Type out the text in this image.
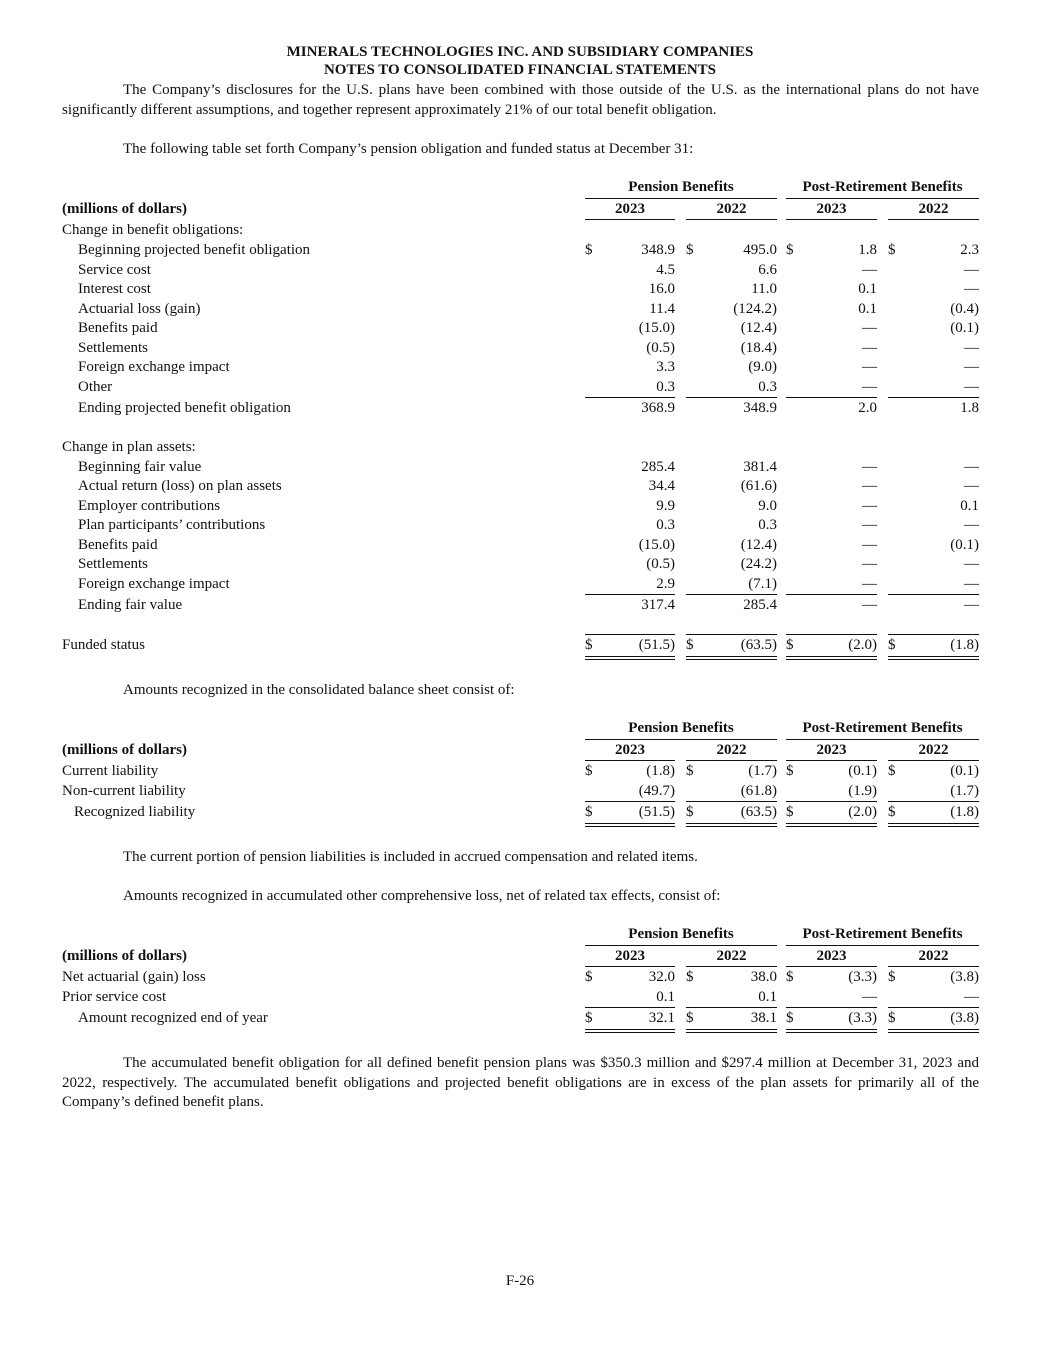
MINERALS TECHNOLOGIES INC. AND SUBSIDIARY COMPANIES
NOTES TO CONSOLIDATED FINANCIAL STATEMENTS
The Company’s disclosures for the U.S. plans have been combined with those outside of the U.S. as the international plans do not have significantly different assumptions, and together represent approximately 21% of our total benefit obligation.
The following table set forth Company’s pension obligation and funded status at December 31:
Pension Benefits	Post-Retirement Benefits
(millions of dollars)	2023	2022	2023	2022
Change in benefit obligations:
Beginning projected benefit obligation	$	348.9 $	495.0 $	1.8 $	2.3
Service cost	4.5	6.6	—	—
Interest cost	16.0	11.0	0.1	—
Actuarial loss (gain)	11.4	(124.2)	0.1	(0.4)
Benefits paid	(15.0)	(12.4)	—	(0.1)
Settlements	(0.5)	(18.4)	—	—
Foreign exchange impact	3.3	(9.0)	—	—
Other	0.3	0.3	—	—
Ending projected benefit obligation	368.9	348.9	2.0	1.8
Change in plan assets:
Beginning fair value	285.4	381.4	—	—
Actual return (loss) on plan assets	34.4	(61.6)	—	—
Employer contributions	9.9	9.0	—	0.1
Plan participants’ contributions	0.3	0.3	—	—
Benefits paid	(15.0)	(12.4)	—	(0.1)
Settlements	(0.5)	(24.2)	—	—
Foreign exchange impact	2.9	(7.1)	—	—
Ending fair value	317.4	285.4	—	—
Funded status	$	(51.5) $	(63.5) $	(2.0) $	(1.8)
Amounts recognized in the consolidated balance sheet consist of:
Pension Benefits	Post-Retirement Benefits
(millions of dollars)	2023	2022	2023	2022
Current liability	$	(1.8) $	(1.7) $	(0.1) $	(0.1)
Non-current liability	(49.7)	(61.8)	(1.9)	(1.7)
Recognized liability	$	(51.5) $	(63.5) $	(2.0) $	(1.8)
The current portion of pension liabilities is included in accrued compensation and related items.
Amounts recognized in accumulated other comprehensive loss, net of related tax effects, consist of:
Pension Benefits	Post-Retirement Benefits
(millions of dollars)	2023	2022	2023	2022
Net actuarial (gain) loss	$	32.0 $	38.0 $	(3.3) $	(3.8)
Prior service cost	0.1	0.1	—	—
Amount recognized end of year	$	32.1 $	38.1 $	(3.3) $	(3.8)
The accumulated benefit obligation for all defined benefit pension plans was $350.3 million and $297.4 million at December 31, 2023 and 2022, respectively. The accumulated benefit obligations and projected benefit obligations are in excess of the plan assets for primarily all of the Company’s defined benefit plans.
F-26
